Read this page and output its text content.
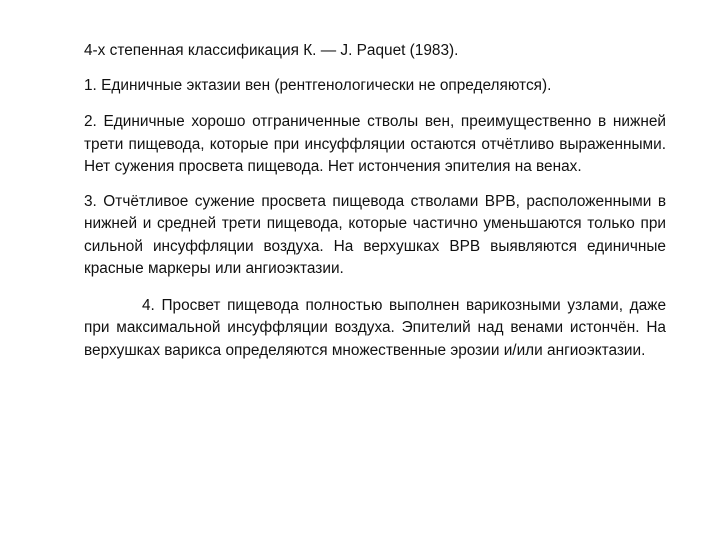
4-х степенная классификация К. — J. Paquet (1983).

1. Единичные эктазии вен (рентгенологически не определяются).

2. Единичные хорошо отграниченные стволы вен, преимущественно в нижней трети пищевода, которые при инсуффляции остаются отчётливо выраженными. Нет сужения просвета пищевода. Нет истончения эпителия на венах.

3. Отчётливое сужение просвета пищевода стволами ВРВ, расположенными в нижней и средней трети пищевода, которые частично уменьшаются только при сильной инсуффляции воздуха. На верхушках ВРВ выявляются единичные красные маркеры или ангиоэктазии.

4. Просвет пищевода полностью выполнен варикозными узлами, даже при максимальной инсуффляции воздуха. Эпителий над венами истончён. На верхушках варикса определяются множественные эрозии и/или ангиоэктазии.
